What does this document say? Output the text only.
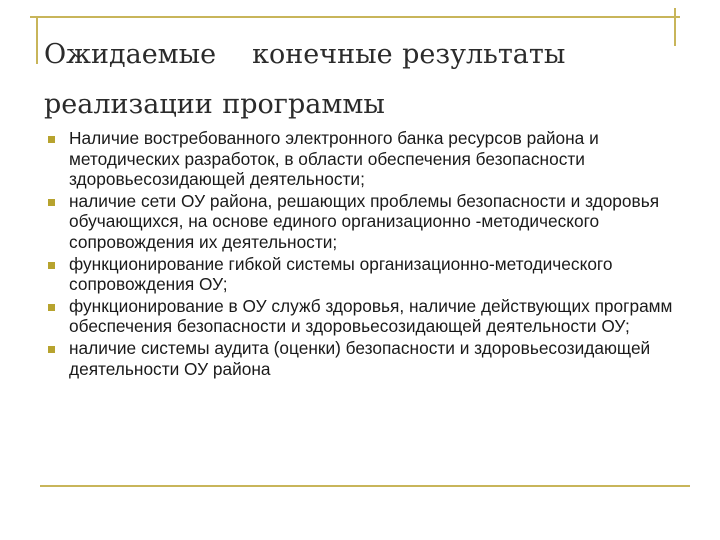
Ожидаемые конечные результаты
реализации программы
Наличие востребованного электронного банка ресурсов района и методических разработок, в области обеспечения безопасности здоровьесозидающей деятельности;
наличие сети ОУ района, решающих проблемы безопасности и здоровья обучающихся, на основе единого организационно -методического сопровождения их деятельности;
функционирование гибкой системы организационно-методического сопровождения ОУ;
функционирование в ОУ служб здоровья, наличие действующих программ обеспечения безопасности и здоровьесозидающей деятельности ОУ;
наличие системы аудита (оценки) безопасности и здоровьесозидающей деятельности ОУ района
